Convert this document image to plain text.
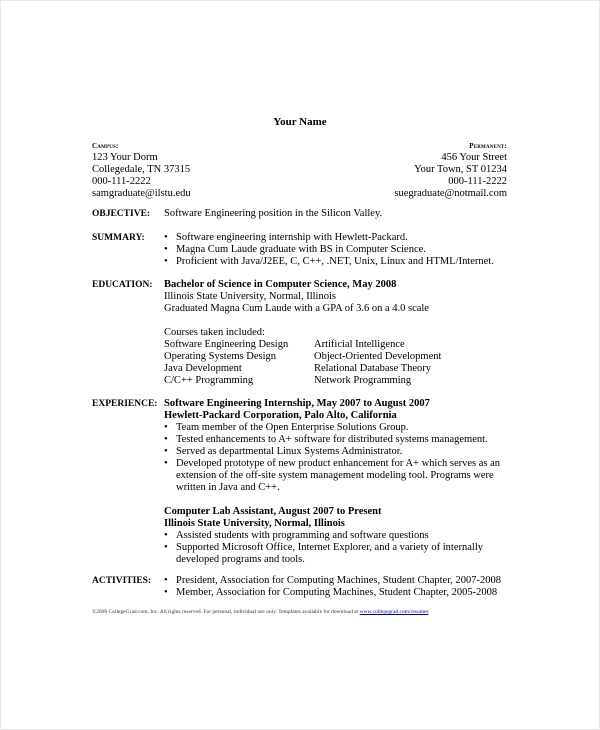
Your Name
Campus:
123 Your Dorm
Collegedale, TN 37315
000-111-2222
samgraduate@ilstu.edu
Permanent:
456 Your Street
Your Town, ST 01234
000-111-2222
suegraduate@notmail.com
OBJECTIVE: Software Engineering position in the Silicon Valley.
SUMMARY: • Software engineering internship with Hewlett-Packard.
• Magna Cum Laude graduate with BS in Computer Science.
• Proficient with Java/J2EE, C, C++, .NET, Unix, Linux and HTML/Internet.
EDUCATION: Bachelor of Science in Computer Science, May 2008
Illinois State University, Normal, Illinois
Graduated Magna Cum Laude with a GPA of 3.6 on a 4.0 scale
Courses taken included:
Software Engineering Design
Operating Systems Design
Java Development
C/C++ Programming
Artificial Intelligence
Object-Oriented Development
Relational Database Theory
Network Programming
EXPERIENCE: Software Engineering Internship, May 2007 to August 2007
Hewlett-Packard Corporation, Palo Alto, California
• Team member of the Open Enterprise Solutions Group.
• Tested enhancements to A+ software for distributed systems management.
• Served as departmental Linux Systems Administrator.
• Developed prototype of new product enhancement for A+ which serves as an
extension of the off-site system management modeling tool. Programs were
written in Java and C++.
Computer Lab Assistant, August 2007 to Present
Illinois State University, Normal, Illinois
• Assisted students with programming and software questions
• Supported Microsoft Office, Internet Explorer, and a variety of internally
developed programs and tools.
ACTIVITIES: • President, Association for Computing Machines, Student Chapter, 2007-2008
• Member, Association for Computing Machines, Student Chapter, 2005-2008
©2008 CollegeGrad.com, Inc. All rights reserved. For personal, individual use only. Templates available for download at www.collegegrad.com/resumes
